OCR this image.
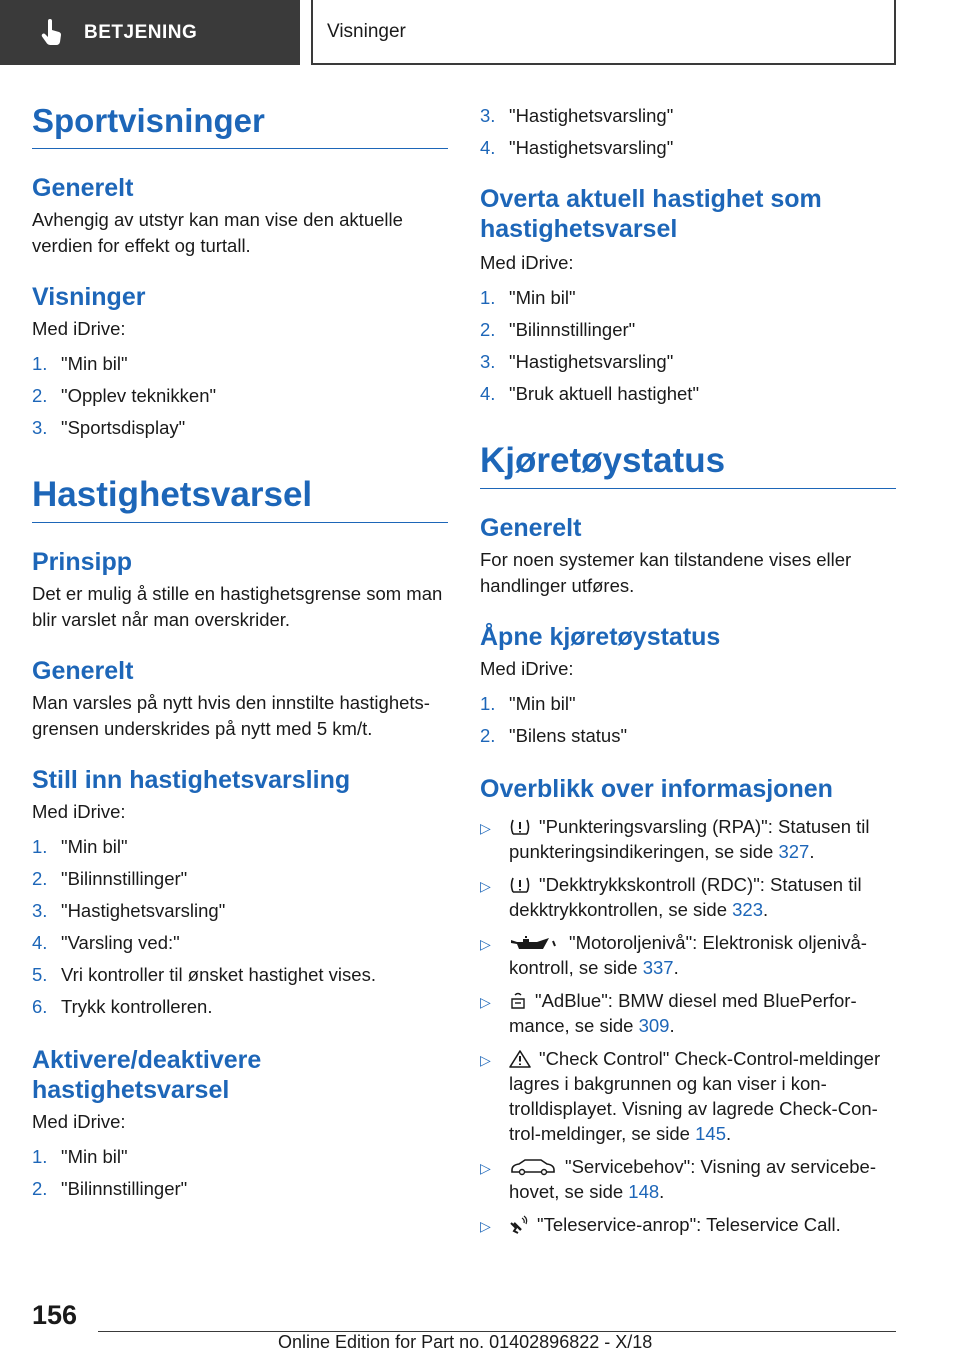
BETJENING	Visninger
Sportvisninger
Generelt

Avhengig av utstyr kan man vise den aktuelle verdien for effekt og turtall.

Visninger

Med iDrive:

1. "Min bil"
2. "Opplev teknikken"
3. "Sportsdisplay"
Hastighetsvarsel
Prinsipp

Det er mulig å stille en hastighetsgrense som man blir varslet når man overskrider.

Generelt

Man varsles på nytt hvis den innstilte hastighetsgrensen underskrides på nytt med 5 km/t.

Still inn hastighetsvarsling

Med iDrive:

1. "Min bil"
2. "Bilinnstillinger"
3. "Hastighetsvarsling"
4. "Varsling ved:"
5. Vri kontroller til ønsket hastighet vises.
6. Trykk kontrolleren.
Aktivere/deaktivere hastighetsvarsel

Med iDrive:

1. "Min bil"
2. "Bilinnstillinger"
3. "Hastighetsvarsling"
4. "Hastighetsvarsling"
Overta aktuell hastighet som hastighetsvarsel

Med iDrive:

1. "Min bil"
2. "Bilinnstillinger"
3. "Hastighetsvarsling"
4. "Bruk aktuell hastighet"
Kjøretøystatus
Generelt

For noen systemer kan tilstandene vises eller handlinger utføres.

Åpne kjøretøystatus

Med iDrive:

1. "Min bil"
2. "Bilens status"
Overblikk over informasjonen
▷	"Punkteringsvarsling (RPA)": Statusen til punkteringsindikeringen, se side 327.
▷	"Dekktrykkskontroll (RDC)": Statusen til dekktrykkontrollen, se side 323.
▷	"Motoroljenivå": Elektronisk oljenivåkontroll, se side 337.
▷	"AdBlue": BMW diesel med BluePerformance, se side 309.
▷	"Check Control" Check-Control-meldinger lagres i bakgrunnen og kan viser i kontrolldisplayet. Visning av lagrede Check-Control-meldinger, se side 145.
▷	"Servicebehov": Visning av servicebehovet, se side 148.
▷	"Teleservice-anrop": Teleservice Call.
156
Online Edition for Part no. 01402896822 - X/18
